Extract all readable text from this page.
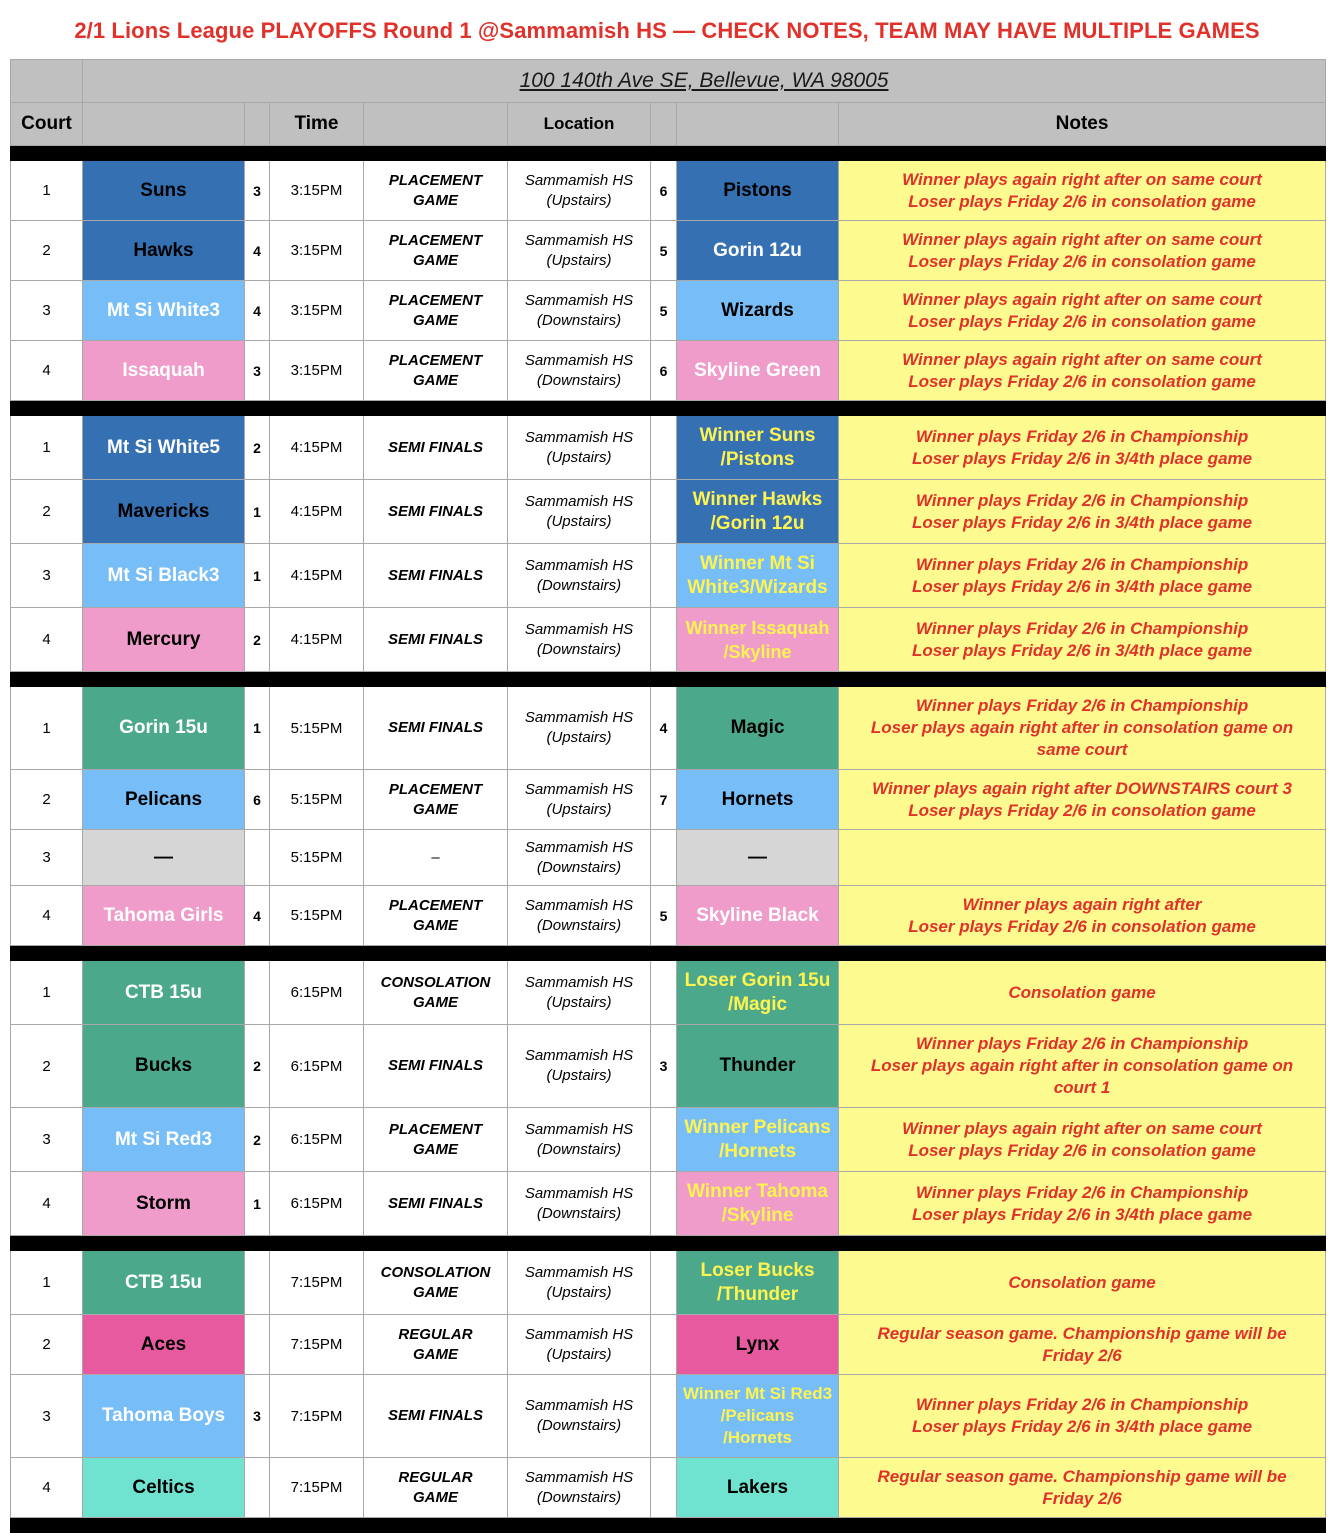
2/1 Lions League PLAYOFFS Round 1 @Sammamish HS — CHECK NOTES, TEAM MAY HAVE MULTIPLE GAMES
	100 140th Ave SE, Bellevue, WA 98005							
Court			Time		Location			Notes

1	Suns	3	3:15PM	PLACEMENT
GAME	Sammamish HS
(Upstairs)	6	Pistons	Winner plays again right after on same court
Loser plays Friday 2/6 in consolation game
2	Hawks	4	3:15PM	PLACEMENT
GAME	Sammamish HS
(Upstairs)	5	Gorin 12u	Winner plays again right after on same court
Loser plays Friday 2/6 in consolation game
3	Mt Si White3	4	3:15PM	PLACEMENT
GAME	Sammamish HS
(Downstairs)	5	Wizards	Winner plays again right after on same court
Loser plays Friday 2/6 in consolation game
4	Issaquah	3	3:15PM	PLACEMENT
GAME	Sammamish HS
(Downstairs)	6	Skyline Green	Winner plays again right after on same court
Loser plays Friday 2/6 in consolation game

1	Mt Si White5	2	4:15PM	SEMI FINALS	Sammamish HS
(Upstairs)		Winner Suns
/Pistons	Winner plays Friday 2/6 in Championship
Loser plays Friday 2/6 in 3/4th place game
2	Mavericks	1	4:15PM	SEMI FINALS	Sammamish HS
(Upstairs)		Winner Hawks
/Gorin 12u	Winner plays Friday 2/6 in Championship
Loser plays Friday 2/6 in 3/4th place game
3	Mt Si Black3	1	4:15PM	SEMI FINALS	Sammamish HS
(Downstairs)		Winner Mt Si
White3/Wizards	Winner plays Friday 2/6 in Championship
Loser plays Friday 2/6 in 3/4th place game
4	Mercury	2	4:15PM	SEMI FINALS	Sammamish HS
(Downstairs)		Winner Issaquah
/Skyline	Winner plays Friday 2/6 in Championship
Loser plays Friday 2/6 in 3/4th place game

1	Gorin 15u	1	5:15PM	SEMI FINALS	Sammamish HS
(Upstairs)	4	Magic	Winner plays Friday 2/6 in Championship
Loser plays again right after in consolation game on
same court
2	Pelicans	6	5:15PM	PLACEMENT
GAME	Sammamish HS
(Upstairs)	7	Hornets	Winner plays again right after DOWNSTAIRS court 3
Loser plays Friday 2/6 in consolation game
3	—		5:15PM	–	Sammamish HS
(Downstairs)		—	
4	Tahoma Girls	4	5:15PM	PLACEMENT
GAME	Sammamish HS
(Downstairs)	5	Skyline Black	Winner plays again right after
Loser plays Friday 2/6 in consolation game

1	CTB 15u		6:15PM	CONSOLATION
GAME	Sammamish HS
(Upstairs)		Loser Gorin 15u
/Magic	Consolation game
2	Bucks	2	6:15PM	SEMI FINALS	Sammamish HS
(Upstairs)	3	Thunder	Winner plays Friday 2/6 in Championship
Loser plays again right after in consolation game on
court 1
3	Mt Si Red3	2	6:15PM	PLACEMENT
GAME	Sammamish HS
(Downstairs)		Winner Pelicans
/Hornets	Winner plays again right after on same court
Loser plays Friday 2/6 in consolation game
4	Storm	1	6:15PM	SEMI FINALS	Sammamish HS
(Downstairs)		Winner Tahoma
/Skyline	Winner plays Friday 2/6 in Championship
Loser plays Friday 2/6 in 3/4th place game

1	CTB 15u		7:15PM	CONSOLATION
GAME	Sammamish HS
(Upstairs)		Loser Bucks
/Thunder	Consolation game
2	Aces		7:15PM	REGULAR
GAME	Sammamish HS
(Upstairs)		Lynx	Regular season game. Championship game will be
Friday 2/6
3	Tahoma Boys	3	7:15PM	SEMI FINALS	Sammamish HS
(Downstairs)		Winner Mt Si Red3
/Pelicans
/Hornets	Winner plays Friday 2/6 in Championship
Loser plays Friday 2/6 in 3/4th place game
4	Celtics		7:15PM	REGULAR
GAME	Sammamish HS
(Downstairs)		Lakers	Regular season game. Championship game will be
Friday 2/6
